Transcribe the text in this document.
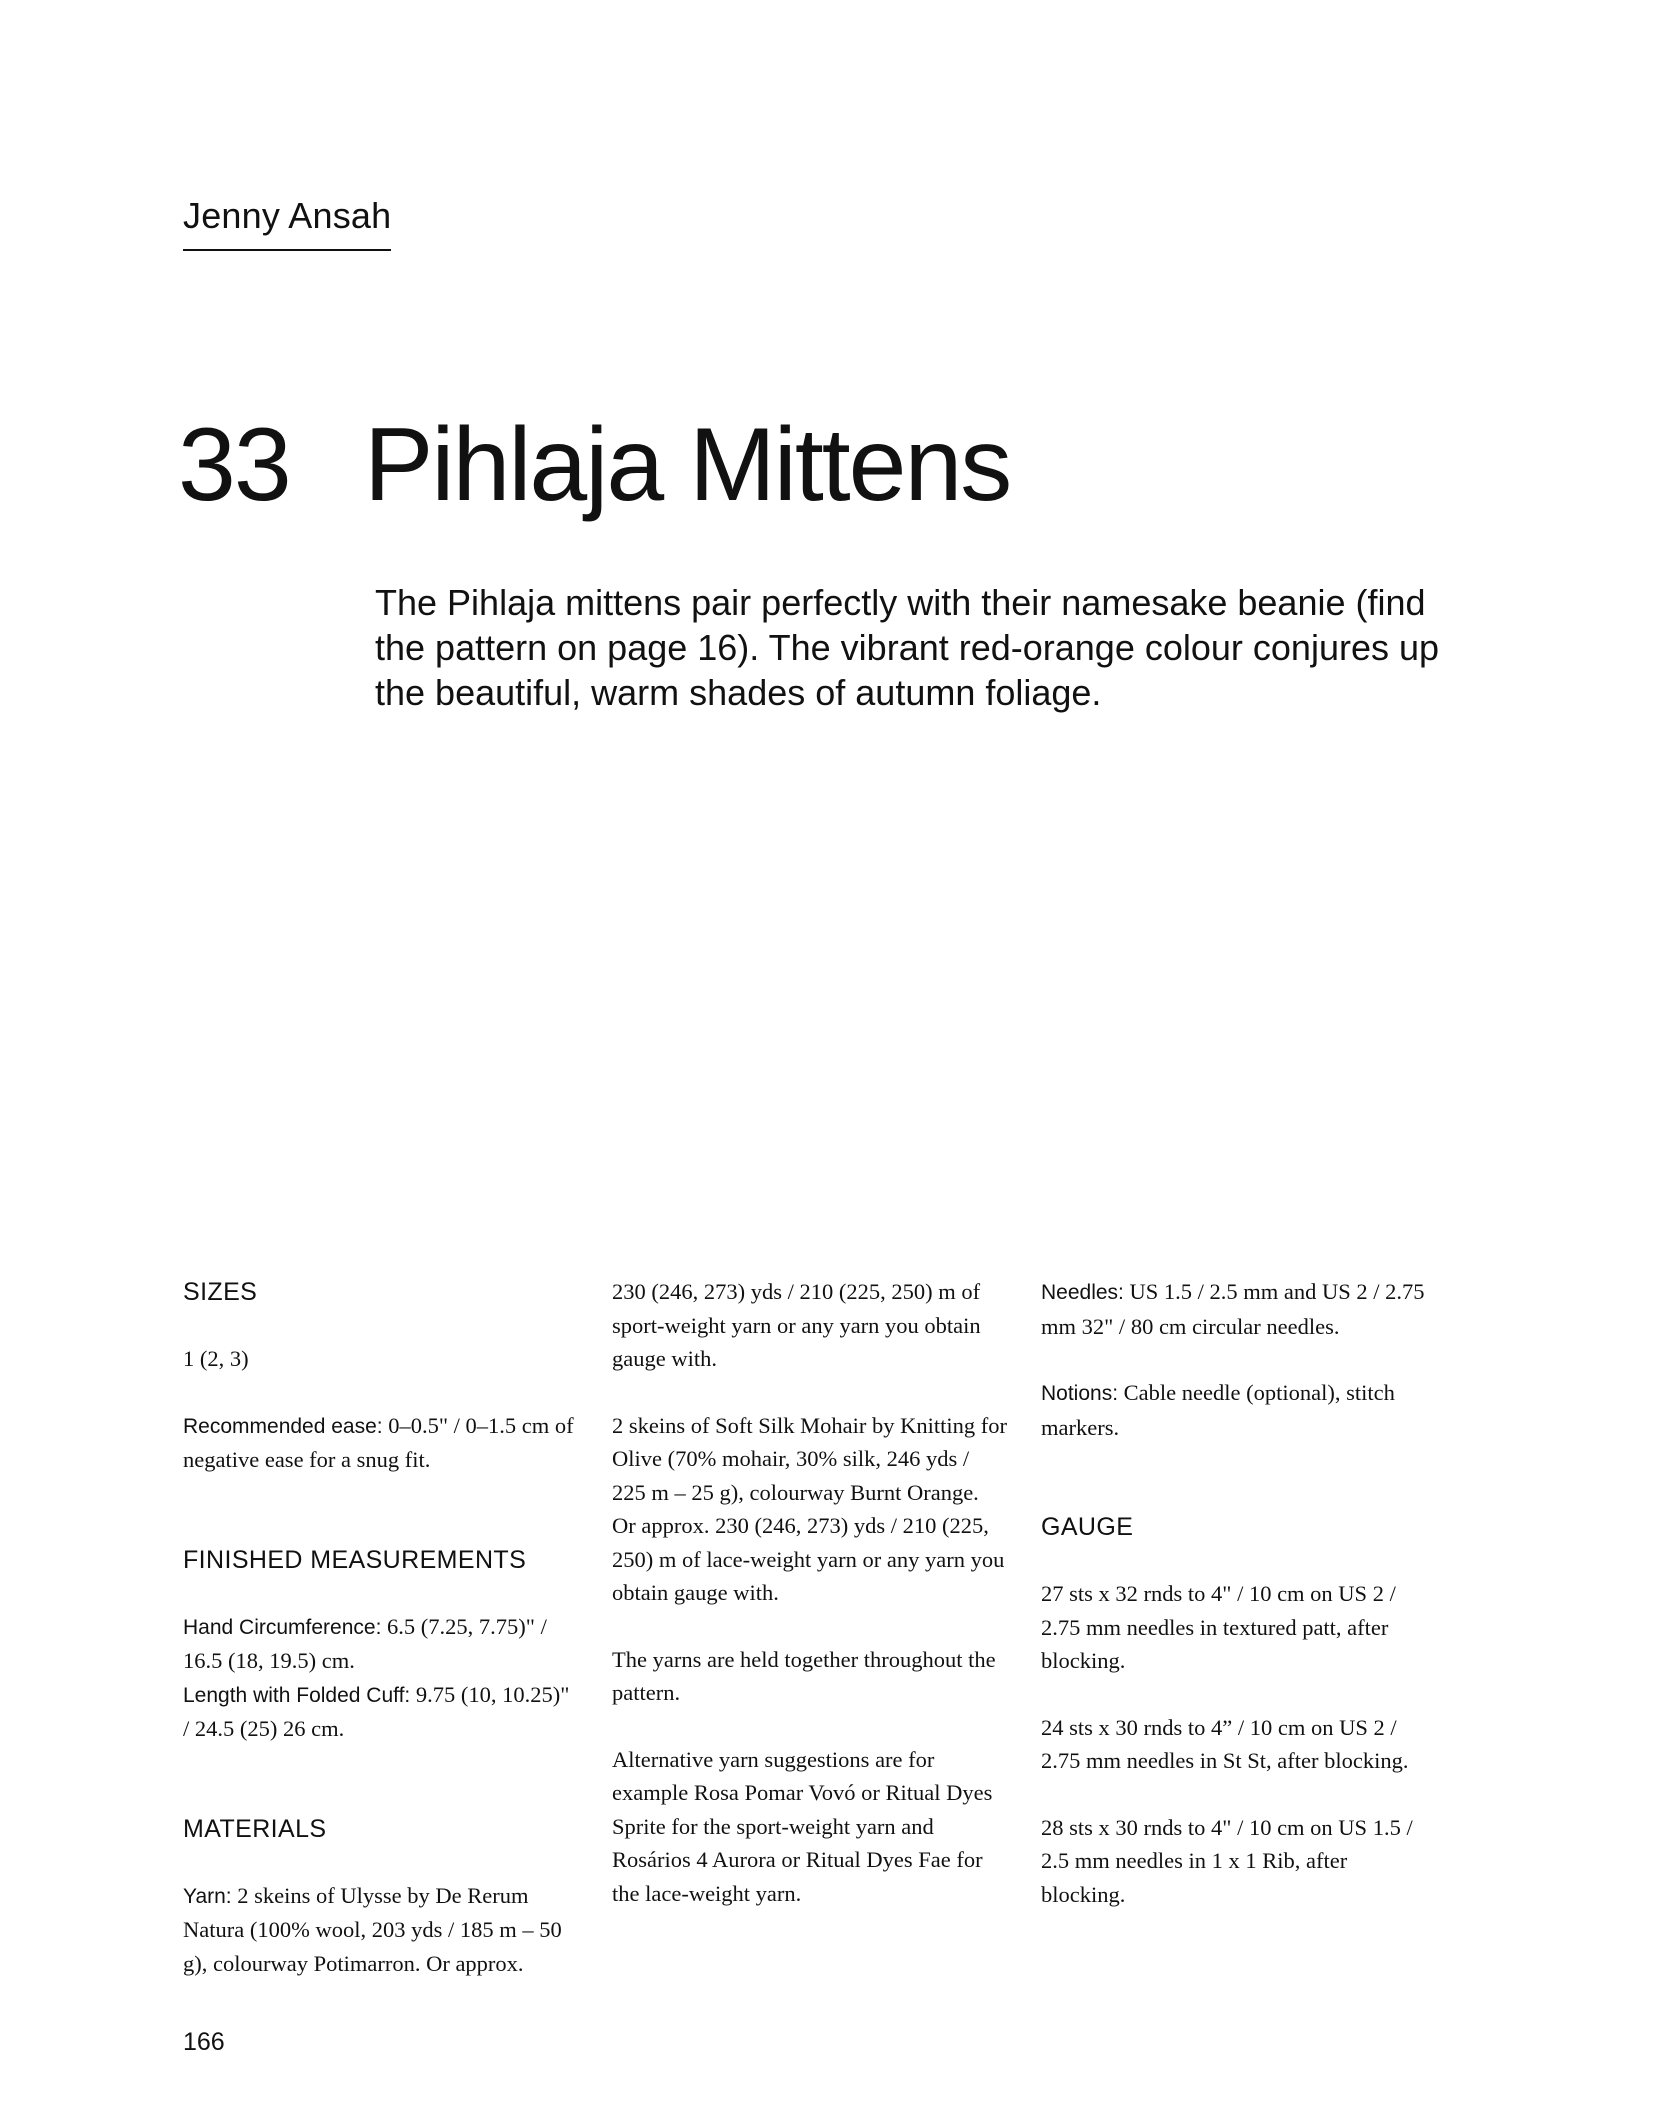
Jenny Ansah
33 Pihlaja Mittens

The Pihlaja mittens pair perfectly with their namesake beanie (find the pattern on page 16). The vibrant red-orange colour conjures up the beautiful, warm shades of autumn foliage.

SIZES

1 (2, 3)

Recommended ease: 0–0.5" / 0–1.5 cm of negative ease for a snug fit.

FINISHED MEASUREMENTS

Hand Circumference: 6.5 (7.25, 7.75)" / 16.5 (18, 19.5) cm.

Length with Folded Cuff: 9.75 (10, 10.25)" / 24.5 (25) 26 cm.

MATERIALS

Yarn: 2 skeins of Ulysse by De Rerum Natura (100% wool, 203 yds / 185 m – 50 g), colourway Potimarron. Or approx.

230 (246, 273) yds / 210 (225, 250) m of sport-weight yarn or any yarn you obtain gauge with.

2 skeins of Soft Silk Mohair by Knitting for Olive (70% mohair, 30% silk, 246 yds / 225 m – 25 g), colourway Burnt Orange. Or approx. 230 (246, 273) yds / 210 (225, 250) m of lace-weight yarn or any yarn you obtain gauge with.

The yarns are held together throughout the pattern.

Alternative yarn suggestions are for example Rosa Pomar Vovó or Ritual Dyes Sprite for the sport-weight yarn and Rosários 4 Aurora or Ritual Dyes Fae for the lace-weight yarn.

Needles: US 1.5 / 2.5 mm and US 2 / 2.75 mm 32" / 80 cm circular needles.

Notions: Cable needle (optional), stitch markers.

GAUGE

27 sts x 32 rnds to 4" / 10 cm on US 2 / 2.75 mm needles in textured patt, after blocking.

24 sts x 30 rnds to 4” / 10 cm on US 2 / 2.75 mm needles in St St, after blocking.

28 sts x 30 rnds to 4" / 10 cm on US 1.5 / 2.5 mm needles in 1 x 1 Rib, after blocking.

166
